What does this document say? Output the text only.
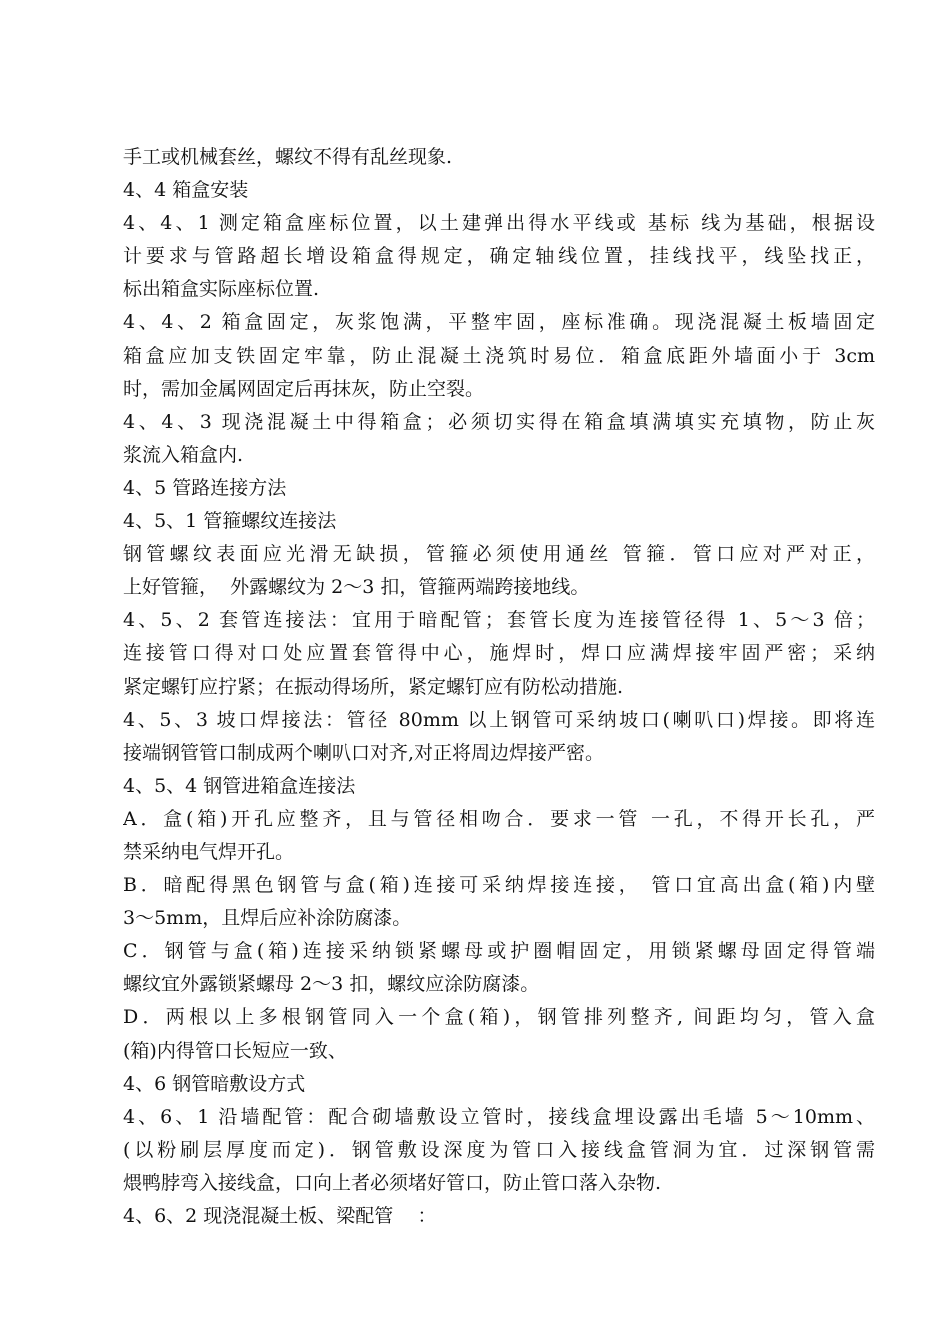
手工或机械套丝，螺纹不得有乱丝现象.
4、4 箱盒安装
4、4、1 测定箱盒座标位置，以土建弹出得水平线或 基标 线为基础，根据设
计要求与管路超长增设箱盒得规定，确定轴线位置，挂线找平，线坠找正，
标出箱盒实际座标位置.
4、4、2 箱盒固定，灰浆饱满，平整牢固，座标准确。现浇混凝土板墙固定
箱盒应加支铁固定牢靠，防止混凝土浇筑时易位．箱盒底距外墙面小于 3cm
时，需加金属网固定后再抹灰，防止空裂。
4、4、3 现浇混凝土中得箱盒；必须切实得在箱盒填满填实充填物，防止灰
浆流入箱盒内.
4、5 管路连接方法
4、5、1 管箍螺纹连接法
钢管螺纹表面应光滑无缺损，管箍必须使用通丝 管箍．管口应对严对正，
上好管箍，  外露螺纹为 2～3 扣，管箍两端跨接地线。
4、5、2 套管连接法：宜用于暗配管；套管长度为连接管径得 1、5～3 倍；
连接管口得对口处应置套管得中心，施焊时，焊口应满焊接牢固严密；采纳
紧定螺钉应拧紧；在振动得场所，紧定螺钉应有防松动措施.
4、5、3 坡口焊接法：管径 80mm 以上钢管可采纳坡口(喇叭口)焊接。即将连
接端钢管管口制成两个喇叭口对齐,对正将周边焊接严密。
4、5、4 钢管进箱盒连接法
A．盒(箱)开孔应整齐，且与管径相吻合．要求一管 一孔，不得开长孔，严
禁采纳电气焊开孔。
B．暗配得黑色钢管与盒(箱)连接可采纳焊接连接， 管口宜高出盒(箱)内壁
3～5mm，且焊后应补涂防腐漆。
C．钢管与盒(箱)连接采纳锁紧螺母或护圈帽固定，用锁紧螺母固定得管端
螺纹宜外露锁紧螺母 2～3 扣，螺纹应涂防腐漆。
D．两根以上多根钢管同入一个盒(箱)，钢管排列整齐, 间距均匀，管入盒
(箱)内得管口长短应一致、
4、6 钢管暗敷设方式
4、6、1 沿墙配管：配合砌墙敷设立管时，接线盒埋设露出毛墙 5～10mm、
(以粉刷层厚度而定)．钢管敷设深度为管口入接线盒管洞为宜．过深钢管需
煨鸭脖弯入接线盒，口向上者必须堵好管口，防止管口落入杂物.
4、6、2 现浇混凝土板、梁配管    ：
